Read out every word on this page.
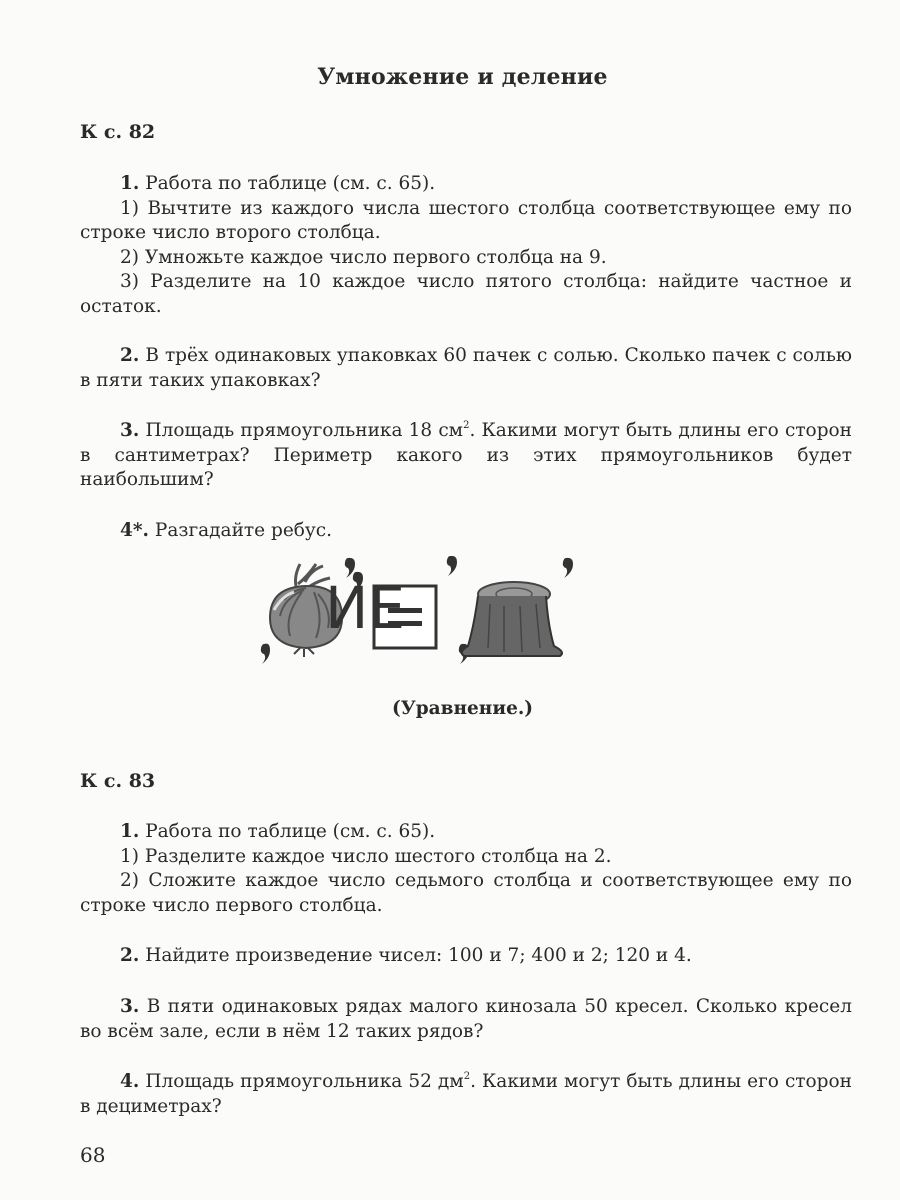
Умножение и деление
К с. 82

1. Работа по таблице (см. с. 65).

1) Вычтите из каждого числа шестого столбца соответствующее ему по строке число второго столбца.

2) Умножьте каждое число первого столбца на 9.

3) Разделите на 10 каждое число пятого столбца: найдите частное и остаток.

2. В трёх одинаковых упаковках 60 пачек с солью. Сколько пачек с солью в пяти таких упаковках?

3. Площадь прямоугольника 18 $см^2$. Какими могут быть длины его сторон в сантиметрах? Периметр какого из этих прямоугольников будет наибольшим?

4*. Разгадайте ребус.

ИЕ
(Уравнение.)
К с. 83

1. Работа по таблице (см. с. 65).

1) Разделите каждое число шестого столбца на 2.

2) Сложите каждое число седьмого столбца и соответствующее ему по строке число первого столбца.

2. Найдите произведение чисел: 100 и 7; 400 и 2; 120 и 4.

3. В пяти одинаковых рядах малого кинозала 50 кресел. Сколько кресел во всём зале, если в нём 12 таких рядов?

4. Площадь прямоугольника 52 $дм^2$. Какими могут быть длины его сторон в дециметрах?

68
